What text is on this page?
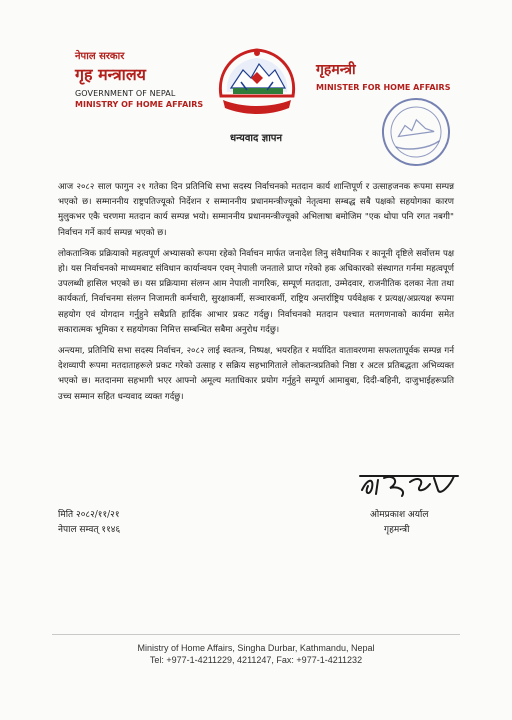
नेपाल सरकार
गृह मन्त्रालय
GOVERNMENT OF NEPAL
MINISTRY OF HOME AFFAIRS
गृहमन्त्री
MINISTER FOR HOME AFFAIRS
धन्यवाद ज्ञापन

आज २०८२ साल फागुन २१ गतेका दिन प्रतिनिधि सभा सदस्य निर्वाचनको मतदान कार्य शान्तिपूर्ण र उत्साहजनक रूपमा सम्पन्न भएको छ। सम्माननीय राष्ट्रपतिज्यूको निर्देशन र सम्माननीय प्रधानमन्त्रीज्यूको नेतृत्वमा सम्बद्ध सबै पक्षको सहयोगका कारण मुलुकभर एकै चरणमा मतदान कार्य सम्पन्न भयो। सम्माननीय प्रधानमन्त्रीज्यूको अभिलाषा बमोजिम "एक थोपा पनि रगत नबगी" निर्वाचन गर्ने कार्य सम्पन्न भएको छ।

लोकतान्त्रिक प्रक्रियाको महत्वपूर्ण अभ्यासको रूपमा रहेको निर्वाचन मार्फत जनादेश लिनु संवैधानिक र कानूनी दृष्टिले सर्वोत्तम पक्ष हो। यस निर्वाचनको माध्यमबाट संविधान कार्यान्वयन एवम् नेपाली जनताले प्राप्त गरेको हक अधिकारको संस्थागत गर्नमा महत्वपूर्ण उपलब्धी हासिल भएको छ। यस प्रक्रियामा संलग्न आम नेपाली नागरिक, सम्पूर्ण मतदाता, उम्मेदवार, राजनीतिक दलका नेता तथा कार्यकर्ता, निर्वाचनमा संलग्न निजामती कर्मचारी, सुरक्षाकर्मी, सञ्चारकर्मी, राष्ट्रिय अन्तर्राष्ट्रिय पर्यवेक्षक र प्रत्यक्ष/अप्रत्यक्ष रूपमा सहयोग एवं योगदान गर्नुहुने सबैप्रति हार्दिक आभार प्रकट गर्दछु। निर्वाचनको मतदान पश्चात मतगणनाको कार्यमा समेत सकारात्मक भूमिका र सहयोगका निमित्त सम्बन्धित सबैमा अनुरोध गर्दछु।

अन्त्यमा, प्रतिनिधि सभा सदस्य निर्वाचन, २०८२ लाई स्वतन्त्र, निष्पक्ष, भयरहित र मर्यादित वातावरणमा सफलतापूर्वक सम्पन्न गर्न देशव्यापी रूपमा मतदाताहरूले प्रकट गरेको उत्साह र सक्रिय सहभागिताले लोकतन्त्रप्रतिको निष्ठा र अटल प्रतिबद्धता अभिव्यक्त भएको छ। मतदानमा सहभागी भएर आफ्नो अमूल्य मताधिकार प्रयोग गर्नुहुने सम्पूर्ण आमाबुबा, दिदी-बहिनी, दाजुभाईहरूप्रति उच्च सम्मान सहित धन्यवाद व्यक्त गर्दछु।

मिति २०८२/११/२१
नेपाल सम्वत् ११४६
ओमप्रकाश अर्याल
गृहमन्त्री
Ministry of Home Affairs, Singha Durbar, Kathmandu, Nepal
Tel: +977-1-4211229, 4211247, Fax: +977-1-4211232
